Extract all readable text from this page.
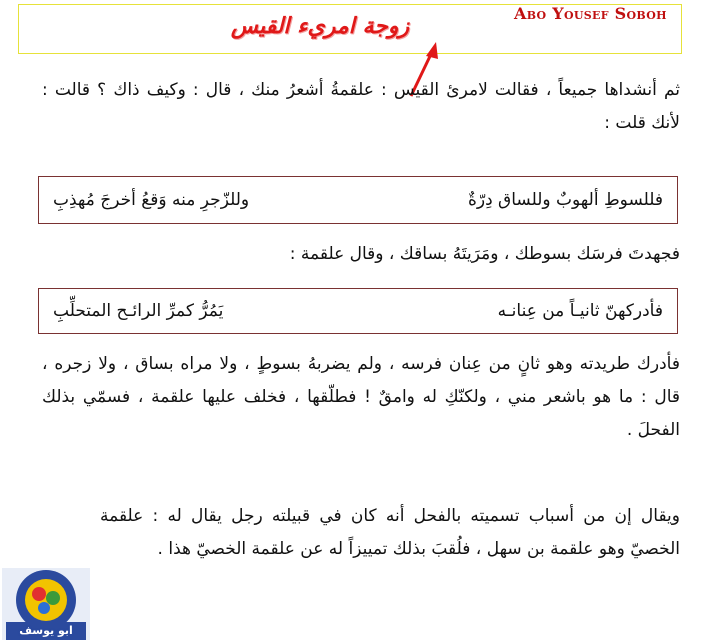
زوجة امريء القيس
Abo Yousef Soboh
ثم أنشداها جميعاً ، فقالت لامرئ القيس : علقمةُ أشعرُ منك ، قال : وكيف ذاك ؟ قالت : لأنك قلت :
فللسوطِ ألهوبٌ وللساق دِرّةٌ
وللزّجرِ منه وَقعُ أخرجَ مُهذِبِ
فجهدتَ فرسَك بسوطك ، ومَرَيتَهُ بساقك ، وقال علقمة :
فأدركهنّ ثانيـاً من عِنانـه
يَمُرُّ كمرِّ الرائـح المتحلِّبِ
فأدرك طريدته وهو ثانٍ من عِنان فرسه ، ولم يضربهُ بسوطٍ ، ولا مراه بساق ، ولا زجره ، قال : ما هو باشعر مني ، ولكنّكِ له وامقٌ ! فطلّقها ، فخلف عليها علقمة ، فسمّي بذلك الفحلَ .
ويقال إن من أسباب تسميته بالفحل أنه كان في قبيلته رجل يقال له : علقمة الخصيّ وهو علقمة بن سهل ، فلُقبَ بذلك تمييزاً له عن علقمة الخصيّ هذا .
ابو يوسف
